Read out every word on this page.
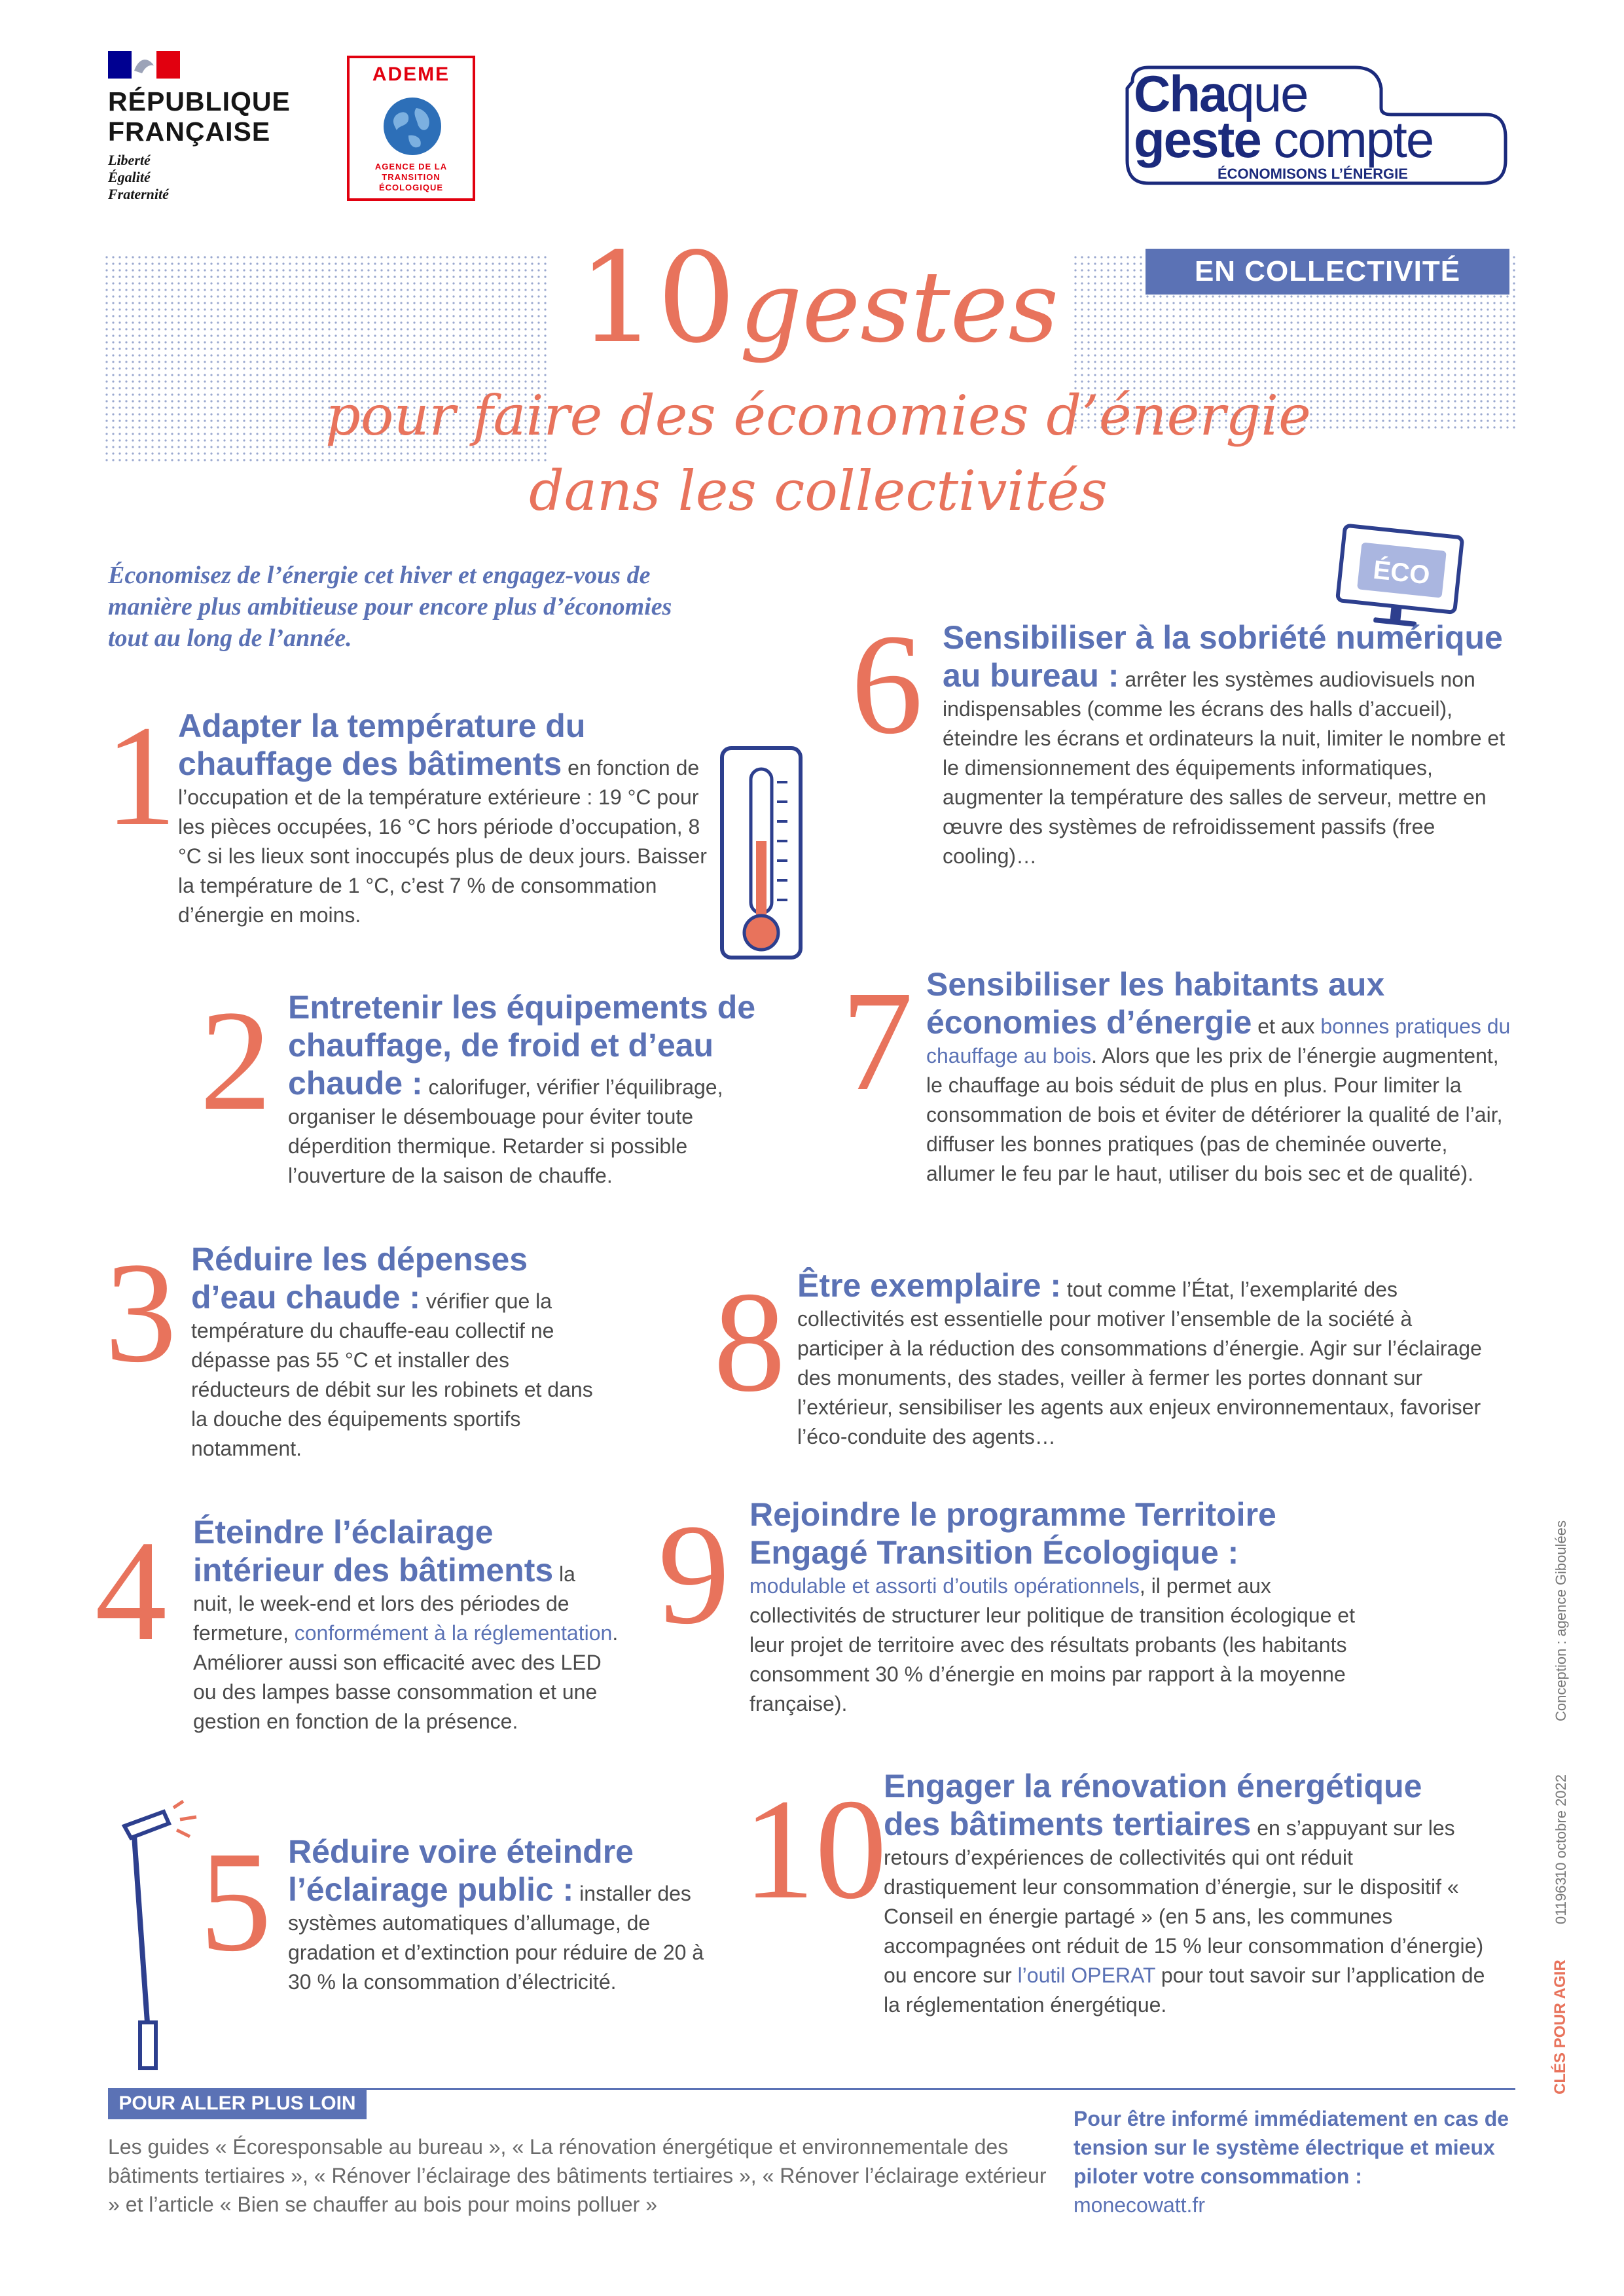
RÉPUBLIQUE
FRANÇAISE
Liberté
Égalité
Fraternité
ADEME
AGENCE DE LA
TRANSITION
ÉCOLOGIQUE
Chaque
geste compte
ÉCONOMISONS L’ÉNERGIE
EN COLLECTIVITÉ
10 gestes
pour faire des économies d’énergie
dans les collectivités
Économisez de l’énergie cet hiver et engagez-vous de manière plus ambitieuse pour encore plus d’économies tout au long de l’année.
ÉCO
1 Adapter la température du chauffage des bâtiments en fonction de l’occupation et de la température extérieure : 19 °C pour les pièces occupées, 16 °C hors période d’occupation, 8 °C si les lieux sont inoccupés plus de deux jours. Baisser la température de 1 °C, c’est 7 % de consommation d’énergie en moins.
2 Entretenir les équipements de chauffage, de froid et d’eau chaude : calorifuger, vérifier l’équilibrage, organiser le désembouage pour éviter toute déperdition thermique. Retarder si possible l’ouverture de la saison de chauffe.
3 Réduire les dépenses d’eau chaude : vérifier que la température du chauffe-eau collectif ne dépasse pas 55 °C et installer des réducteurs de débit sur les robinets et dans la douche des équipements sportifs notamment.
4 Éteindre l’éclairage intérieur des bâtiments la nuit, le week-end et lors des périodes de fermeture, conformément à la réglementation. Améliorer aussi son efficacité avec des LED ou des lampes basse consommation et une gestion en fonction de la présence.
5 Réduire voire éteindre l’éclairage public : installer des systèmes automatiques d’allumage, de gradation et d’extinction pour réduire de 20 à 30 % la consommation d’électricité.
6 Sensibiliser à la sobriété numérique au bureau : arrêter les systèmes audiovisuels non indispensables (comme les écrans des halls d’accueil), éteindre les écrans et ordinateurs la nuit, limiter le nombre et le dimensionnement des équipements informatiques, augmenter la température des salles de serveur, mettre en œuvre des systèmes de refroidissement passifs (free cooling)…
7 Sensibiliser les habitants aux économies d’énergie et aux bonnes pratiques du chauffage au bois. Alors que les prix de l’énergie augmentent, le chauffage au bois séduit de plus en plus. Pour limiter la consommation de bois et éviter de détériorer la qualité de l’air, diffuser les bonnes pratiques (pas de cheminée ouverte, allumer le feu par le haut, utiliser du bois sec et de qualité).
8 Être exemplaire : tout comme l’État, l’exemplarité des collectivités est essentielle pour motiver l’ensemble de la société à participer à la réduction des consommations d’énergie. Agir sur l’éclairage des monuments, des stades, veiller à fermer les portes donnant sur l’extérieur, sensibiliser les agents aux enjeux environnementaux, favoriser l’éco-conduite des agents…
9 Rejoindre le programme Territoire Engagé Transition Écologique :
modulable et assorti d’outils opérationnels, il permet aux collectivités de structurer leur politique de transition écologique et leur projet de territoire avec des résultats probants (les habitants consomment 30 % d’énergie en moins par rapport à la moyenne française).
10
Engager la rénovation énergétique des bâtiments tertiaires en s’appuyant sur les retours d’expériences de collectivités qui ont réduit drastiquement leur consommation d’énergie, sur le dispositif « Conseil en énergie partagé » (en 5 ans, les communes accompagnées ont réduit de 15 % leur consommation d’énergie) ou encore sur l’outil OPERAT pour tout savoir sur l’application de la réglementation énergétique.
POUR ALLER PLUS LOIN
Les guides « Écoresponsable au bureau », « La rénovation énergétique et environnementale des bâtiments tertiaires », « Rénover l’éclairage des bâtiments tertiaires », « Rénover l’éclairage extérieur » et l’article « Bien se chauffer au bois pour moins polluer »
Pour être informé immédiatement en cas de tension sur le système électrique et mieux piloter votre consommation :
monecowatt.fr
CLÉS POUR AGIR
011963
10 octobre 2022
Conception : agence Giboulées
